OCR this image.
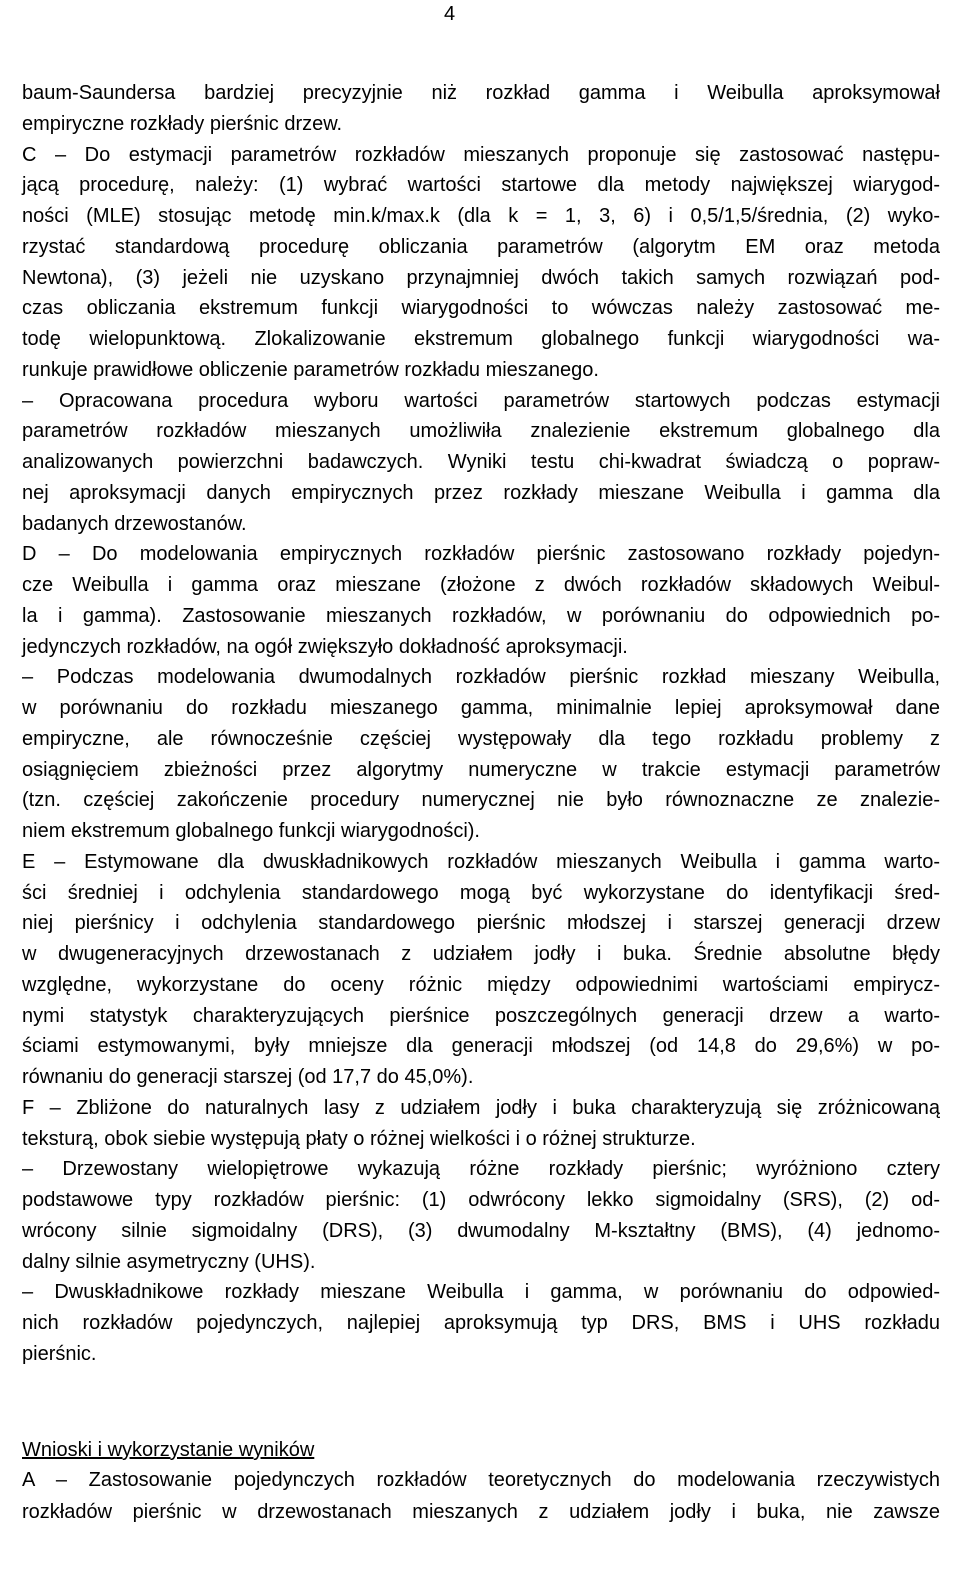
4
baum-Saundersa bardziej precyzyjnie niż rozkład gamma i Weibulla aproksymował
empiryczne rozkłady pierśnic drzew.
C – Do estymacji parametrów rozkładów mieszanych proponuje się zastosować następu-
jącą procedurę, należy: (1) wybrać wartości startowe dla metody największej wiarygod-
ności (MLE) stosując metodę min.k/max.k (dla k = 1, 3, 6) i 0,5/1,5/średnia, (2) wyko-
rzystać standardową procedurę obliczania parametrów (algorytm EM oraz metoda
Newtona), (3) jeżeli nie uzyskano przynajmniej dwóch takich samych rozwiązań pod-
czas obliczania ekstremum funkcji wiarygodności to wówczas należy zastosować me-
todę wielopunktową. Zlokalizowanie ekstremum globalnego funkcji wiarygodności wa-
runkuje prawidłowe obliczenie parametrów rozkładu mieszanego.
– Opracowana procedura wyboru wartości parametrów startowych podczas estymacji
parametrów rozkładów mieszanych umożliwiła znalezienie ekstremum globalnego dla
analizowanych powierzchni badawczych. Wyniki testu chi-kwadrat świadczą o popraw-
nej aproksymacji danych empirycznych przez rozkłady mieszane Weibulla i gamma dla
badanych drzewostanów.
D – Do modelowania empirycznych rozkładów pierśnic zastosowano rozkłady pojedyn-
cze Weibulla i gamma oraz mieszane (złożone z dwóch rozkładów składowych Weibul-
la i gamma). Zastosowanie mieszanych rozkładów, w porównaniu do odpowiednich po-
jedynczych rozkładów, na ogół zwiększyło dokładność aproksymacji.
– Podczas modelowania dwumodalnych rozkładów pierśnic rozkład mieszany Weibulla,
w porównaniu do rozkładu mieszanego gamma, minimalnie lepiej aproksymował dane
empiryczne, ale równocześnie częściej występowały dla tego rozkładu problemy z
osiągnięciem zbieżności przez algorytmy numeryczne w trakcie estymacji parametrów
(tzn. częściej zakończenie procedury numerycznej nie było równoznaczne ze znalezie-
niem ekstremum globalnego funkcji wiarygodności).
E – Estymowane dla dwuskładnikowych rozkładów mieszanych Weibulla i gamma warto-
ści średniej i odchylenia standardowego mogą być wykorzystane do identyfikacji śred-
niej pierśnicy i odchylenia standardowego pierśnic młodszej i starszej generacji drzew
w dwugeneracyjnych drzewostanach z udziałem jodły i buka. Średnie absolutne błędy
względne, wykorzystane do oceny różnic między odpowiednimi wartościami empirycz-
nymi statystyk charakteryzujących pierśnice poszczególnych generacji drzew a warto-
ściami estymowanymi, były mniejsze dla generacji młodszej (od 14,8 do 29,6%) w po-
równaniu do generacji starszej (od 17,7 do 45,0%).
F – Zbliżone do naturalnych lasy z udziałem jodły i buka charakteryzują się zróżnicowaną
teksturą, obok siebie występują płaty o różnej wielkości i o różnej strukturze.
– Drzewostany wielopiętrowe wykazują różne rozkłady pierśnic; wyróżniono cztery
podstawowe typy rozkładów pierśnic: (1) odwrócony lekko sigmoidalny (SRS), (2) od-
wrócony silnie sigmoidalny (DRS), (3) dwumodalny M-kształtny (BMS), (4) jednomo-
dalny silnie asymetryczny (UHS).
– Dwuskładnikowe rozkłady mieszane Weibulla i gamma, w porównaniu do odpowied-
nich rozkładów pojedynczych, najlepiej aproksymują typ DRS, BMS i UHS rozkładu
pierśnic.
Wnioski i wykorzystanie wyników
A – Zastosowanie pojedynczych rozkładów teoretycznych do modelowania rzeczywistych
rozkładów pierśnic w drzewostanach mieszanych z udziałem jodły i buka, nie zawsze
